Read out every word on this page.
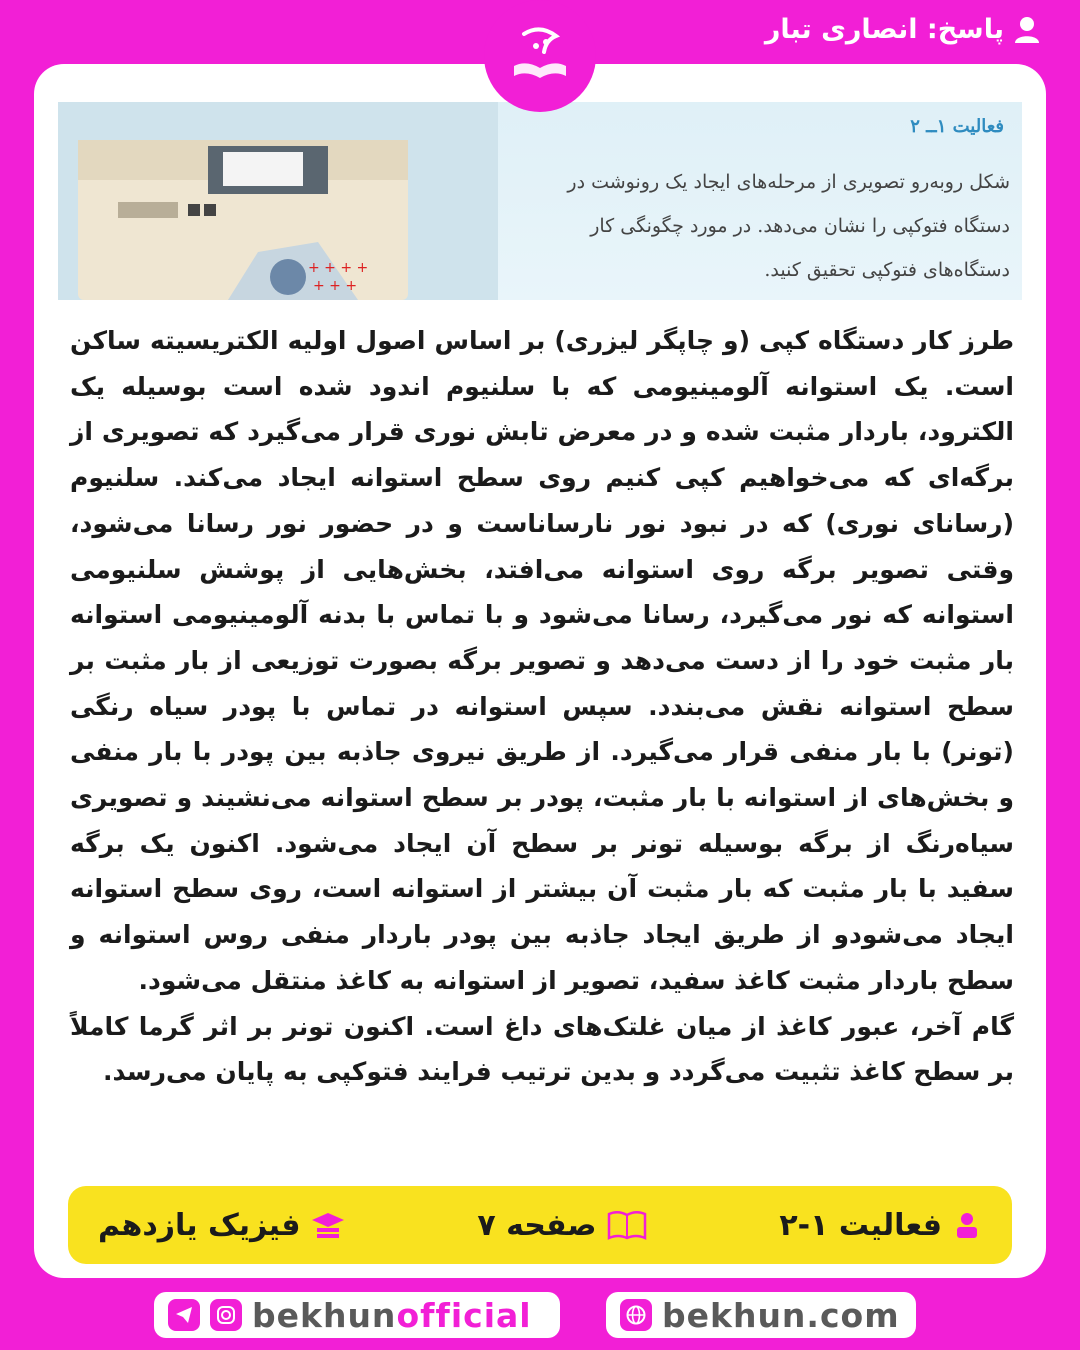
پاسخ: انصاری تبار
+ + + +
+ + +
فعالیت ۱ــ ۲
شکل روبه‌رو تصویری از مرحله‌های ایجاد یک رونوشت در دستگاه فتوکپی را نشان می‌دهد. در مورد چگونگی کار دستگاه‌های فتوکپی تحقیق کنید.

طرز کار دستگاه کپی (و چاپگر لیزری) بر اساس اصول اولیه الکتریسیته ساکن است. یک استوانه آلومینیومی که با سلنیوم اندود شده است بوسیله یک الکترود، باردار مثبت شده و در معرض تابش نوری قرار می‌گیرد که تصویری از برگه‌ای که می‌خواهیم کپی کنیم روی سطح استوانه ایجاد می‌کند. سلنیوم (رسانای نوری) که در نبود نور نارساناست و در حضور نور رسانا می‌شود، وقتی تصویر برگه روی استوانه می‌افتد، بخش‌هایی از پوشش سلنیومی استوانه که نور می‌گیرد، رسانا می‌شود و با تماس با بدنه آلومینیومی استوانه بار مثبت خود را از دست می‌دهد و تصویر برگه بصورت توزیعی از بار مثبت بر سطح استوانه نقش می‌بندد. سپس استوانه در تماس با پودر سیاه رنگی (تونر) با بار منفی قرار می‌گیرد. از طریق نیروی جاذبه بین پودر با بار منفی و بخش‌های از استوانه با بار مثبت، پودر بر سطح استوانه می‌نشیند و تصویری سیاه‌رنگ از برگه بوسیله تونر بر سطح آن ایجاد می‌شود. اکنون یک برگه سفید با بار مثبت که بار مثبت آن بیشتر از استوانه است، روی سطح استوانه ایجاد می‌شودو از طریق ایجاد جاذبه بین پودر باردار منفی روس استوانه و سطح باردار مثبت کاغذ سفید، تصویر از استوانه به کاغذ منتقل می‌شود.

گام آخر، عبور کاغذ از میان غلتک‌های داغ است. اکنون تونر بر اثر گرما کاملاً بر سطح کاغذ تثبیت می‌گردد و بدین ترتیب فرایند فتوکپی به پایان می‌رسد.

فعالیت ۱-۲
صفحه ۷
فیزیک یازدهم
bekhunofficial	bekhun.com
